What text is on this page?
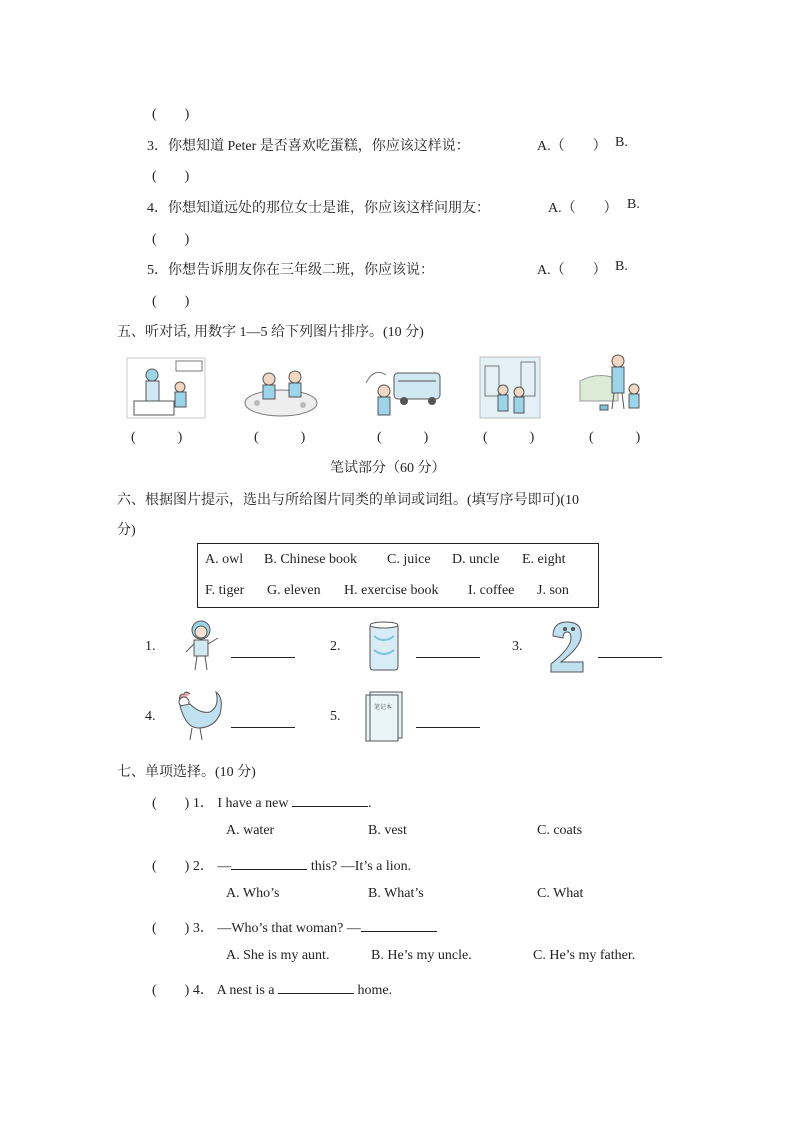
(　　)
3．你想知道 Peter 是否喜欢吃蛋糕，你应该这样说：	A.（　　） B.
(　　)
4．你想知道远处的那位女士是谁，你应该这样问朋友：	A.（　　） B.
(　　)
5．你想告诉朋友你在三年级二班，你应该说：	A.（　　） B.
(　　)
五、听对话, 用数字 1—5 给下列图片排序。(10 分)
(　　　)	(　　　)	(　　　)	(　　　)	(　　　)
笔试部分（60 分）
六、根据图片提示，选出与所给图片同类的单词或词组。(填写序号即可)(10
分)
A. owl B. Chinese book C. juice D. uncle E. eight
F. tiger G. eleven H. exercise book I. coffee J. son
1.	2.	3.
4.	5.
笔记本
七、单项选择。(10 分)
(　　) 1． I have a new	.
A. water	B. vest	C. coats
(　　) 2． —	this? —It’s a lion.
A. Who’s	B. What’s	C. What
(　　) 3． —Who’s that woman? —
A. She is my aunt.	B. He’s my uncle.	C. He’s my father.
(　　) 4． A nest is a	home.
